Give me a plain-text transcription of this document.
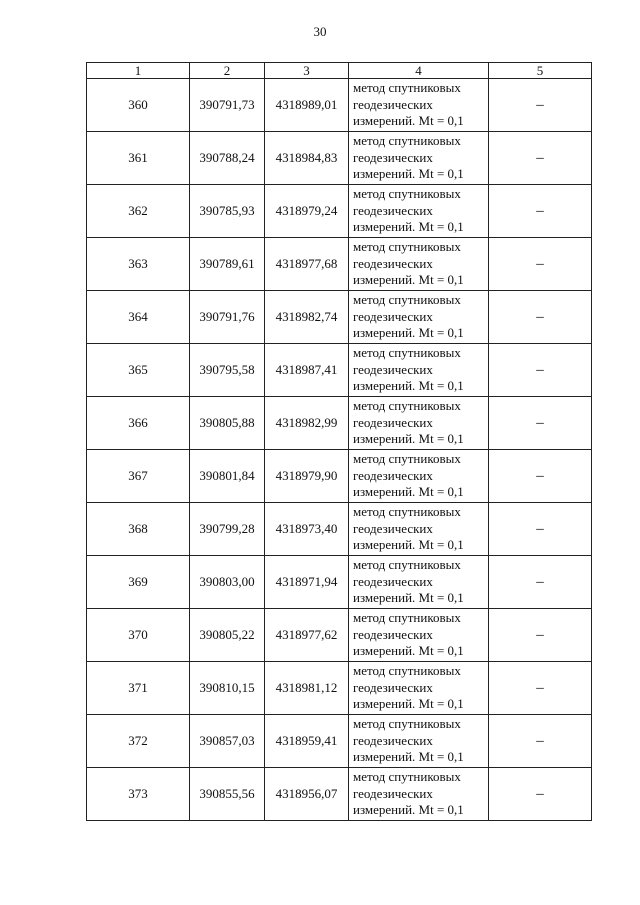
30
1	2	3	4	5
360	390791,73	4318989,01	метод спутниковых
геодезических
измерений. Mt = 0,1	–
361	390788,24	4318984,83	метод спутниковых
геодезических
измерений. Mt = 0,1	–
362	390785,93	4318979,24	метод спутниковых
геодезических
измерений. Mt = 0,1	–
363	390789,61	4318977,68	метод спутниковых
геодезических
измерений. Mt = 0,1	–
364	390791,76	4318982,74	метод спутниковых
геодезических
измерений. Mt = 0,1	–
365	390795,58	4318987,41	метод спутниковых
геодезических
измерений. Mt = 0,1	–
366	390805,88	4318982,99	метод спутниковых
геодезических
измерений. Mt = 0,1	–
367	390801,84	4318979,90	метод спутниковых
геодезических
измерений. Mt = 0,1	–
368	390799,28	4318973,40	метод спутниковых
геодезических
измерений. Mt = 0,1	–
369	390803,00	4318971,94	метод спутниковых
геодезических
измерений. Mt = 0,1	–
370	390805,22	4318977,62	метод спутниковых
геодезических
измерений. Mt = 0,1	–
371	390810,15	4318981,12	метод спутниковых
геодезических
измерений. Mt = 0,1	–
372	390857,03	4318959,41	метод спутниковых
геодезических
измерений. Mt = 0,1	–
373	390855,56	4318956,07	метод спутниковых
геодезических
измерений. Mt = 0,1	–
